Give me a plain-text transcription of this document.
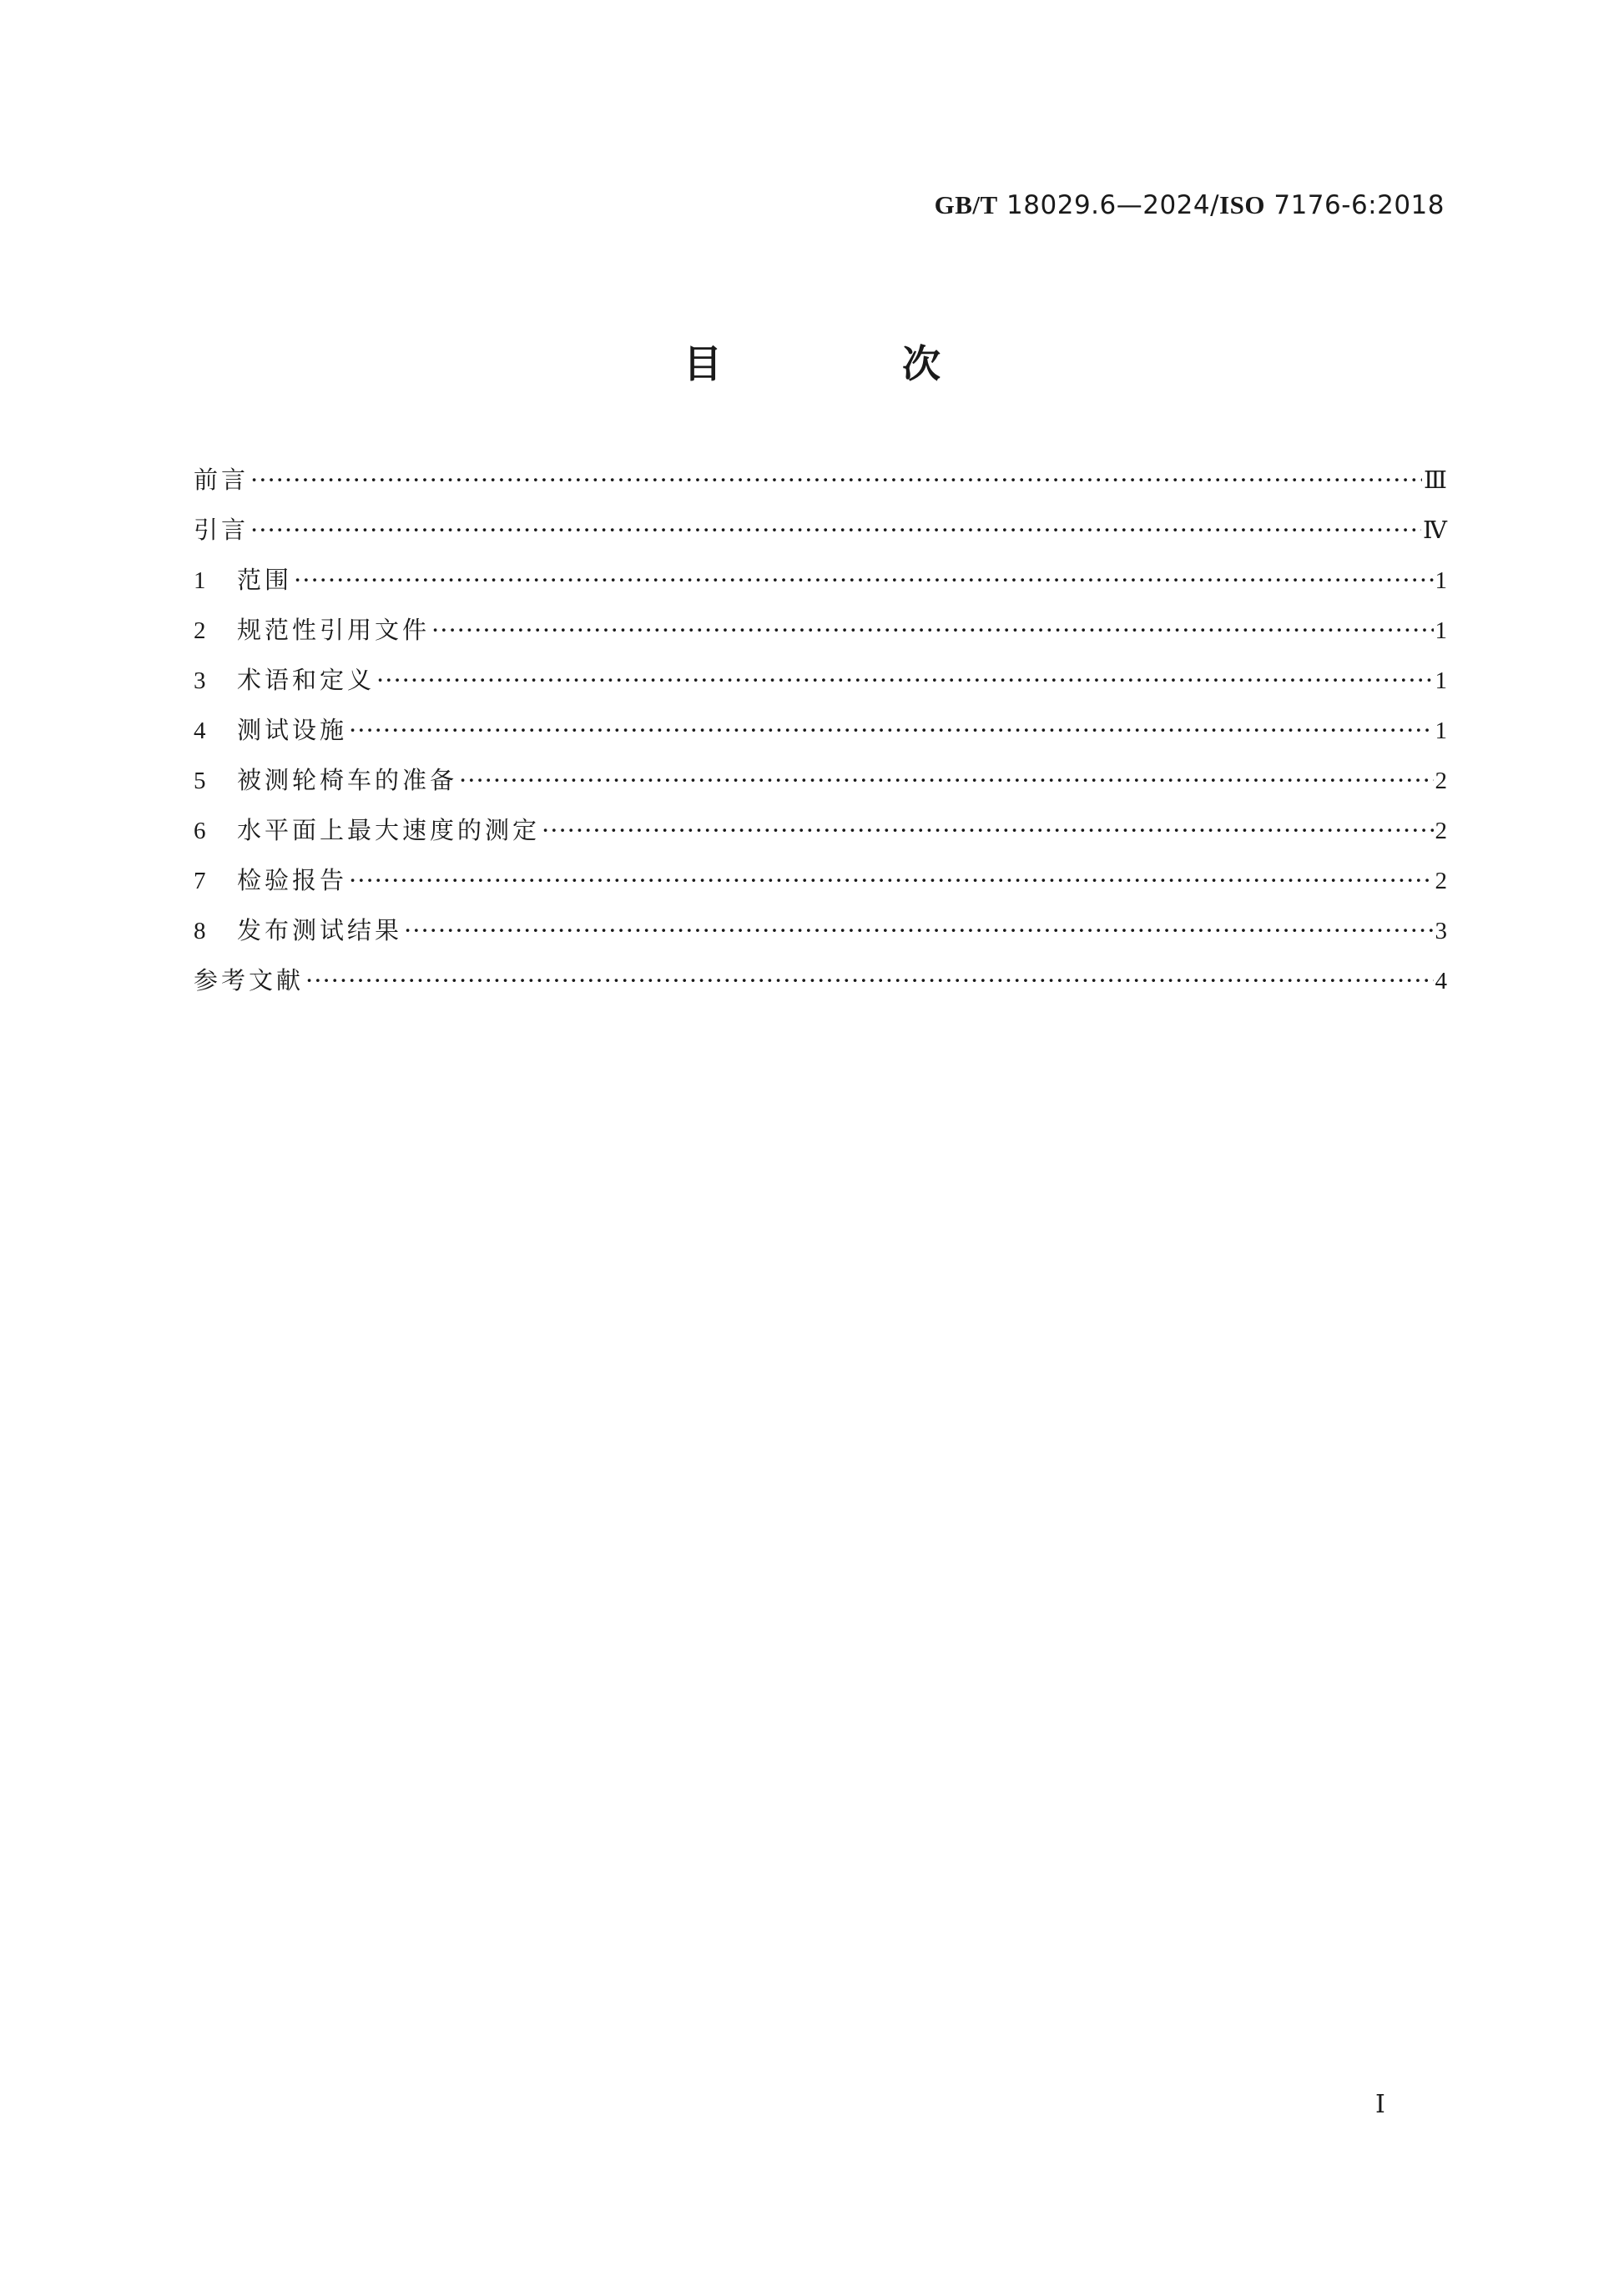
GB/T 18029.6—2024/ISO 7176-6:2018
目 次
前言 ·····	Ⅲ
引言 ·····	Ⅳ
1	范围 ·····	1
2	规范性引用文件 ·····	1
3	术语和定义 ·····	1
4	测试设施 ·····	1
5	被测轮椅车的准备 ·····	2
6	水平面上最大速度的测定 ·····	2
7	检验报告 ·····	2
8	发布测试结果 ·····	3
参考文献 ·····	4
Ⅰ
